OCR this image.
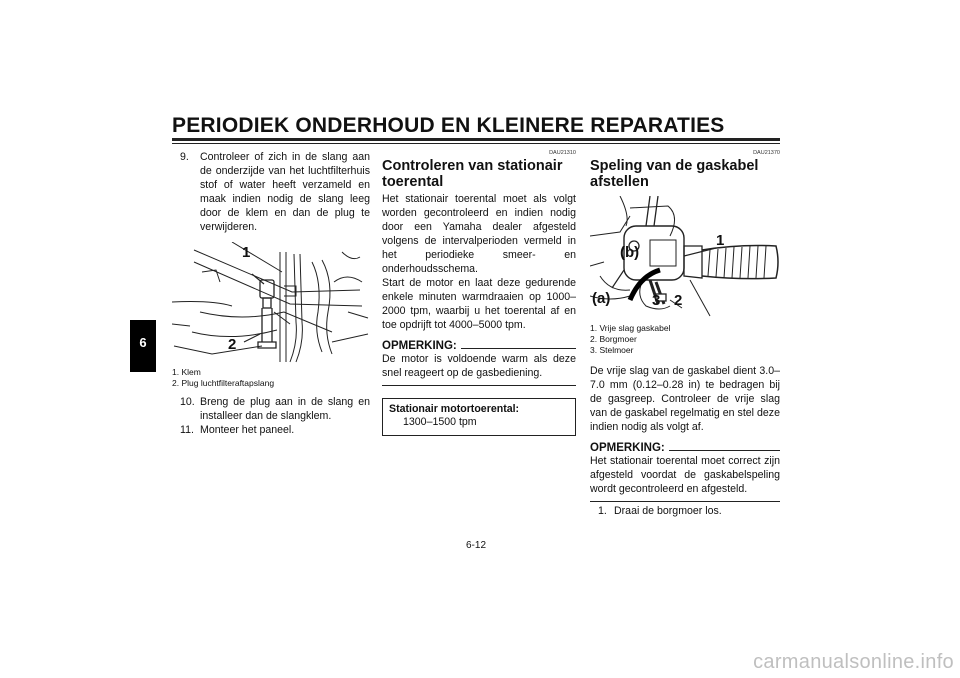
PERIODIEK ONDERHOUD EN KLEINERE REPARATIES
6
9. Controleer of zich in de slang aan de onderzijde van het luchtfilterhuis stof of water heeft verzameld en maak indien nodig de slang leeg door de klem en dan de plug te verwijderen.
1
2
1. Klem
2. Plug luchtfilteraftapslang
10. Breng de plug aan in de slang en installeer dan de slangklem.
11. Monteer het paneel.
DAU21310
Controleren van stationair toerental
Het stationair toerental moet als volgt worden gecontroleerd en indien nodig door een Yamaha dealer afgesteld volgens de intervalperioden vermeld in het periodieke smeer- en onderhoudsschema.
Start de motor en laat deze gedurende enkele minuten warmdraaien op 1000–2000 tpm, waarbij u het toerental af en toe opdrijft tot 4000–5000 tpm.
OPMERKING:
De motor is voldoende warm als deze snel reageert op de gasbediening.
Stationair motortoerental:
1300–1500 tpm
DAU21370
Speling van de gaskabel afstellen
1
(b)
(a)	3 2
1. Vrije slag gaskabel
2. Borgmoer
3. Stelmoer
De vrije slag van de gaskabel dient 3.0–7.0 mm (0.12–0.28 in) te bedragen bij de gasgreep. Controleer de vrije slag van de gaskabel regelmatig en stel deze indien nodig als volgt af.
OPMERKING:
Het stationair toerental moet correct zijn afgesteld voordat de gaskabelspeling wordt gecontroleerd en afgesteld.
1. Draai de borgmoer los.
6-12
carmanualsonline.info
